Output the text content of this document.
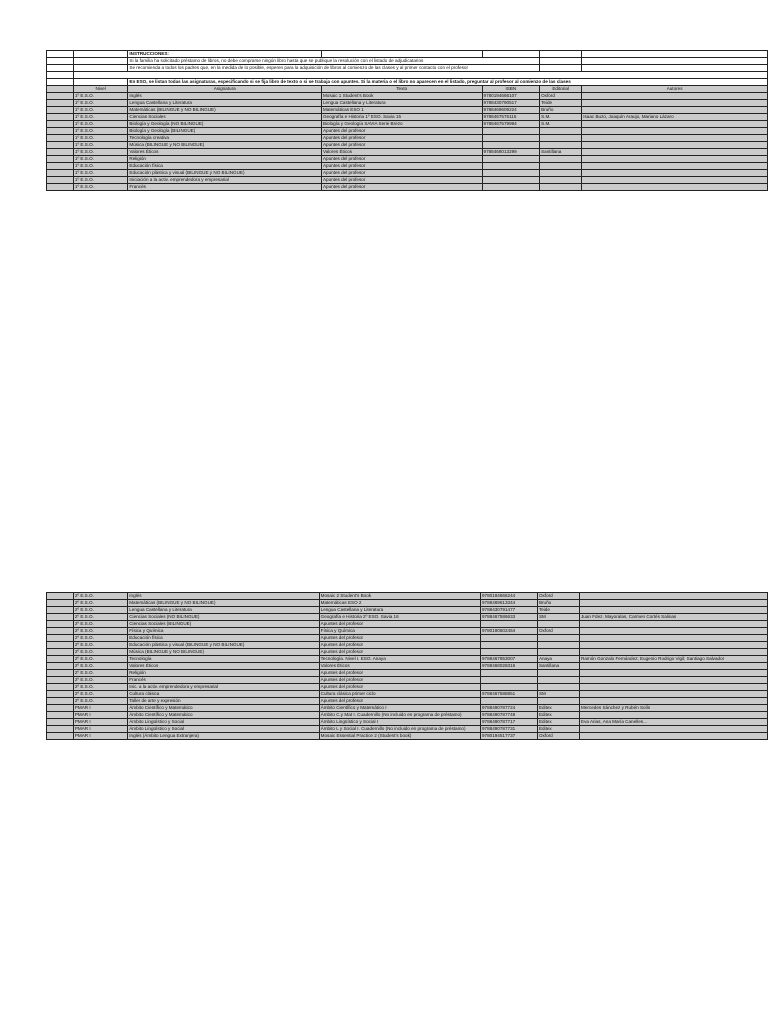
		INSTRUCCIONES:				
		Si la familia ha solicitado préstamo de libros, no debe comprarse ningún libro hasta que se publique la resolución con el listado de adjudicatarios				
		Se recomienda a todos los padres que, en la medida de lo posible, esperen para la adquisición de libros al comienzo de las clases y al primer contacto con el profesor				

		En ESO, se listan todas las asignaturas, especificando si se fija libro de texto o si se trabaja con apuntes. Si la materia o el libro no aparecen en el listado, preguntar al profesor al comienzo de las clases				
	Nivel	Asignatura	Texto	ISBN	Editorial	Autores
	1º E.S.O.	Inglés	Mosaic 1 Student's Book	9780194666107	Oxford	
	1º E.S.O.	Lengua Castellana y Literatura	Lengua Castellana y Literatura	9788430790517	Teide	
	1º E.S.O.	Matemáticas (BILINGUE y NO BILINGUE)	Matemáticas ESO 1	9788469609224	Bruño	
	1º E.S.O.	Ciencias Sociales	Geografía e Historia 1º ESO. Savia 15	9788467576115	S.M.	Isaac Buzo, Joaquín Araujo, Mariano Lázaro
	1º E.S.O.	Biología y Geología (NO BILINGUE)	Biología y Geología SAVIA Serie Brezo	9788467579994	S.M.	
	1º E.S.O.	Biología y Geología (BILINGUE)	Apuntes del profesor			
	1º E.S.O.	Tecnología creativa	Apuntes del profesor			
	1º E.S.O.	Música (BILINGUE y NO BILINGUE)	Apuntes del profesor			
	1º E.S.O.	Valores Éticos	Valores Éticos	9788468013299	Santillana	
	1º E.S.O.	Religión	Apuntes del profesor			
	1º E.S.O.	Educación física	Apuntes del profesor			
	1º E.S.O.	Educación plástica y visual (BILINGUE y NO BILINGUE)	Apuntes del profesor			
	1º E.S.O.	Iniciación a la activ. emprendedora y empresarial	Apuntes del profesor			
	1º E.S.O.	Francés	Apuntes del profesor			
	2º E.S.O.	Inglés	Mosaic 2 Student's Book	9780194666244	Oxford	
	2º E.S.O.	Matemáticas (BILINGUE y NO BILINGUE)	Matemáticas ESO 2	9788469613344	Bruño	
	2º E.S.O.	Lengua Castellana y Literatura	Lengua Castellana y Literatura	9788430791477	Teide	
	2º E.S.O.	Ciencias Sociales (NO BILINGUE)	Geografía e Historia 2º ESO. Savia 16	9788467586633	SM	Juan Fdez. Mayoralas, Carmen Cortés Salinas
	2º E.S.O.	Ciencias Sociales (BILINGUE)	Apuntes del profesor			
	2º E.S.O.	Física y Química	Física y Química	9780190502454	Oxford	
	2º E.S.O.	Educación física	Apuntes del profesor			
	2º E.S.O.	Educación plástica y visual (BILINGUE y NO BILINGUE)	Apuntes del profesor			
	2º E.S.O.	Música (BILINGUE y NO BILINGUE)	Apuntes del profesor			
	2º E.S.O.	Tecnología	Tecnología. Nivel I. ESO. Anaya	9788467853007	Anaya	Ramón Gonzalo Fernández; Eugenio Rodrigo Vigil; Santiago Salvador
	2º E.S.O.	Valores Éticos	Valores Éticos	9788468028316	Santillana	
	2º E.S.O.	Religión	Apuntes del profesor			
	2º E.S.O.	Francés	Apuntes del profesor			
	2º E.S.O.	Inic. a la activ. emprendedora y empresarial	Apuntes del profesor			
	2º E.S.O.	Cultura clásica	Cultura clásica primer ciclo	9788467588851	SM	
	2º E.S.O.	Taller de arte y expresión	Apuntes del profesor			
	PMAR I	Ámbito Científico y Matemático	Ámbito Científico y Matemático I	9788490787724	Editex	Mercedes Sánchez y Rubén Solís
	PMAR I	Ámbito Científico y Matemático	Ámbito C.y Mat I. Cuadernillo (No incluido en programa de préstamo)	9788490787748	Editex	
	PMAR I	Ámbito Lingüístico y Social	Ámbito Lingüístico y Social I	9788490787717	Editex	Eva Arias, Ana María Canelles...
	PMAR I	Ámbito Lingüístico y Social	Ámbito L y Social I. Cuadernillo (No incluido en programa de préstamo)	9788490787731	Editex	
	PMAR I	Inglés (Ámbito Lengua Extranjera)	Mosaic Essential Practice 2 (Student's book)	9780194517737	Oxford	
